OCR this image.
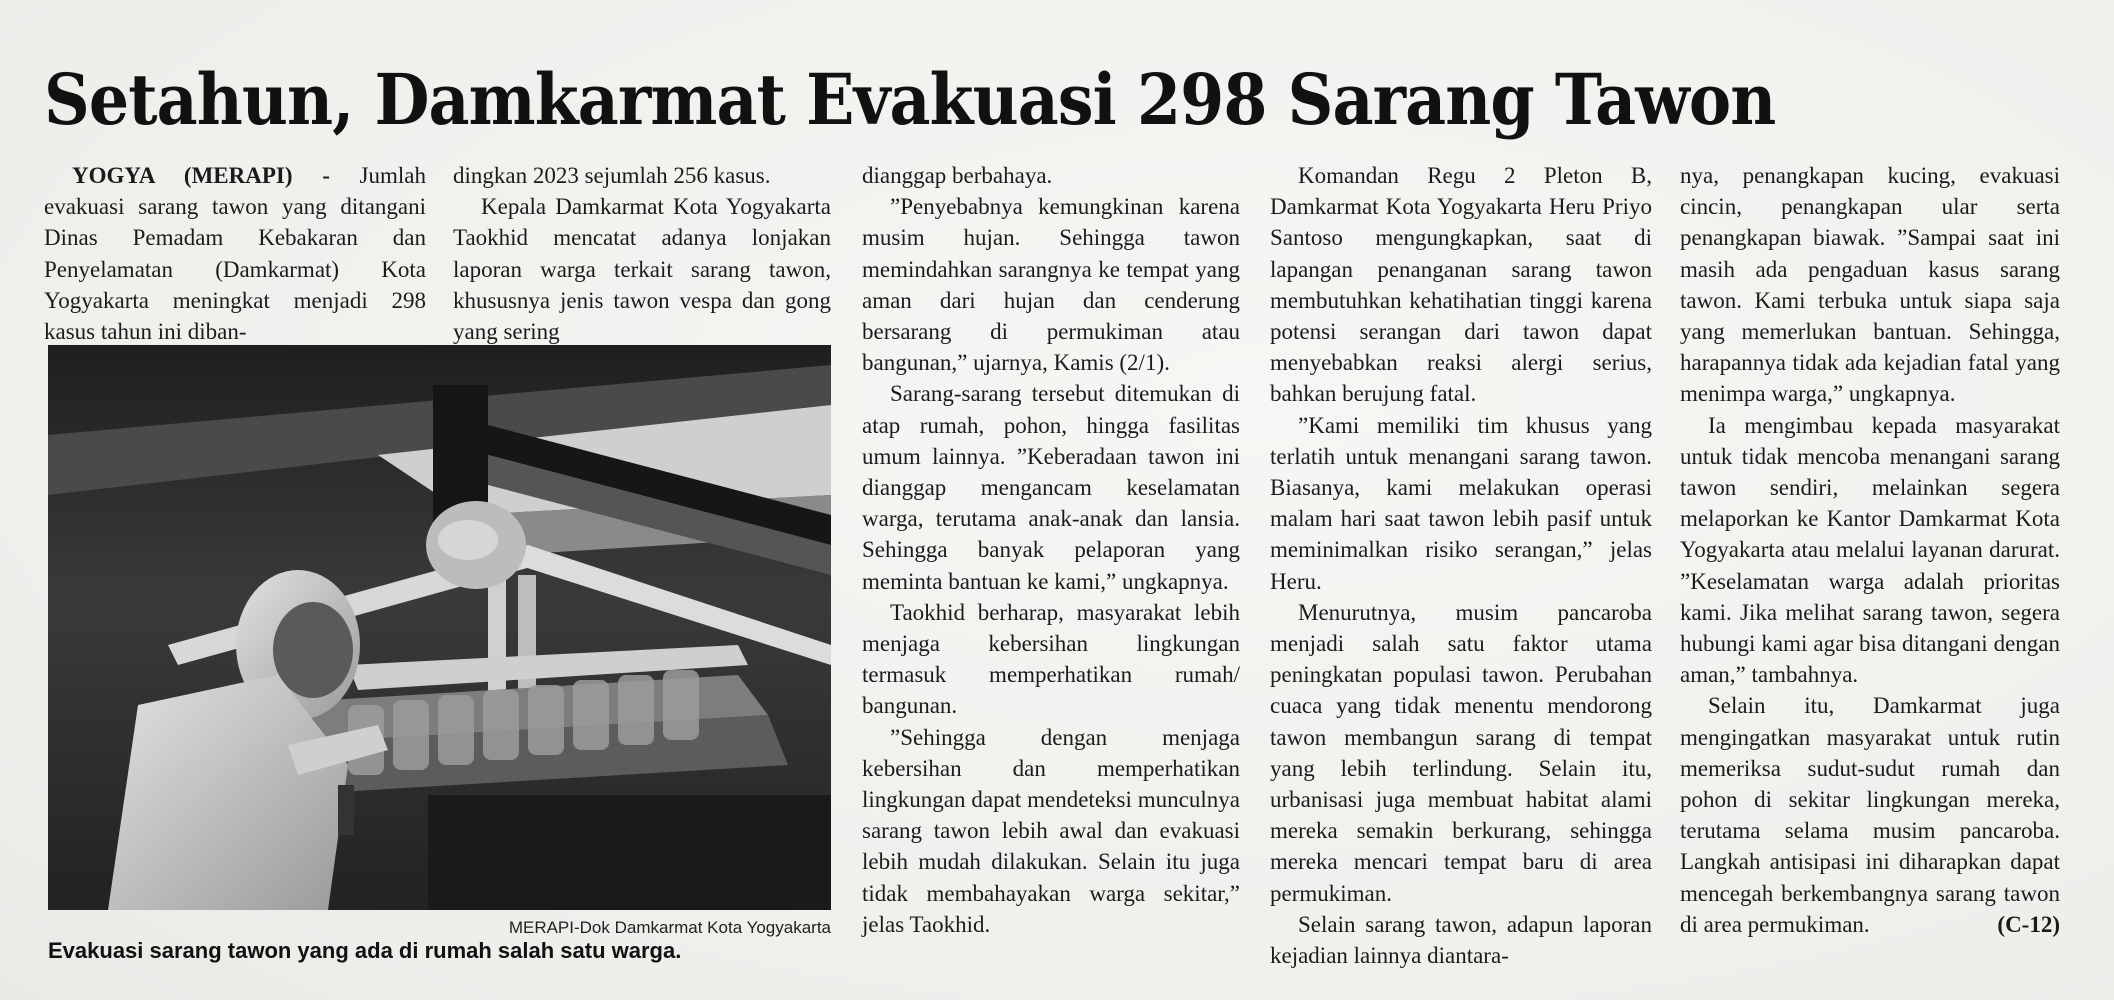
Setahun, Damkarmat Evakuasi 298 Sarang Tawon

YOGYA (MERAPI) - Jumlah evakuasi sarang tawon yang ditangani Dinas Pemadam Kebakaran dan Penyelamatan (Damkarmat) Kota Yogyakarta meningkat menjadi 298 kasus tahun ini diban-

MERAPI-Dok Damkarmat Kota Yogyakarta
Evakuasi sarang tawon yang ada di rumah salah satu warga.

dingkan 2023 sejumlah 256 kasus.

Kepala Damkarmat Kota Yogyakarta Taokhid mencatat adanya lonjakan laporan warga terkait sarang tawon, khususnya jenis tawon vespa dan gong yang sering

dianggap berbahaya.

”Penyebabnya kemungkinan karena musim hujan. Sehingga tawon memindahkan sarangnya ke tempat yang aman dari hujan dan cenderung bersarang di permukiman atau bangunan,” ujarnya, Kamis (2/1).

Sarang-sarang tersebut ditemukan di atap rumah, pohon, hingga fasilitas umum lainnya. ”Keberadaan tawon ini dianggap mengancam keselamatan warga, terutama anak-anak dan lansia. Sehingga banyak pelaporan yang meminta bantuan ke kami,” ungkapnya.

Taokhid berharap, masyarakat lebih menjaga kebersihan lingkungan termasuk memperhatikan rumah/ bangunan.

”Sehingga dengan menjaga kebersihan dan memperhatikan lingkungan dapat mendeteksi munculnya sarang tawon lebih awal dan evakuasi lebih mudah dilakukan. Selain itu juga tidak membahayakan warga sekitar,” jelas Taokhid.

Komandan Regu 2 Pleton B, Damkarmat Kota Yogyakarta Heru Priyo Santoso mengungkapkan, saat di lapangan penanganan sarang tawon membutuhkan kehatihatian tinggi karena potensi serangan dari tawon dapat menyebabkan reaksi alergi serius, bahkan berujung fatal.

”Kami memiliki tim khusus yang terlatih untuk menangani sarang tawon. Biasanya, kami melakukan operasi malam hari saat tawon lebih pasif untuk meminimalkan risiko serangan,” jelas Heru.

Menurutnya, musim pancaroba menjadi salah satu faktor utama peningkatan populasi tawon. Perubahan cuaca yang tidak menentu mendorong tawon membangun sarang di tempat yang lebih terlindung. Selain itu, urbanisasi juga membuat habitat alami mereka semakin berkurang, sehingga mereka mencari tempat baru di area permukiman.

Selain sarang tawon, adapun laporan kejadian lainnya diantara-

nya, penangkapan kucing, evakuasi cincin, penangkapan ular serta penangkapan biawak. ”Sampai saat ini masih ada pengaduan kasus sarang tawon. Kami terbuka untuk siapa saja yang memerlukan bantuan. Sehingga, harapannya tidak ada kejadian fatal yang menimpa warga,” ungkapnya.

Ia mengimbau kepada masyarakat untuk tidak mencoba menangani sarang tawon sendiri, melainkan segera melaporkan ke Kantor Damkarmat Kota Yogyakarta atau melalui layanan darurat. ”Keselamatan warga adalah prioritas kami. Jika melihat sarang tawon, segera hubungi kami agar bisa ditangani dengan aman,” tambahnya.

Selain itu, Damkarmat juga mengingatkan masyarakat untuk rutin memeriksa sudut-sudut rumah dan pohon di sekitar lingkungan mereka, terutama selama musim pancaroba. Langkah antisipasi ini diharapkan dapat mencegah berkembangnya sarang tawon di area permukiman.	(C-12)
